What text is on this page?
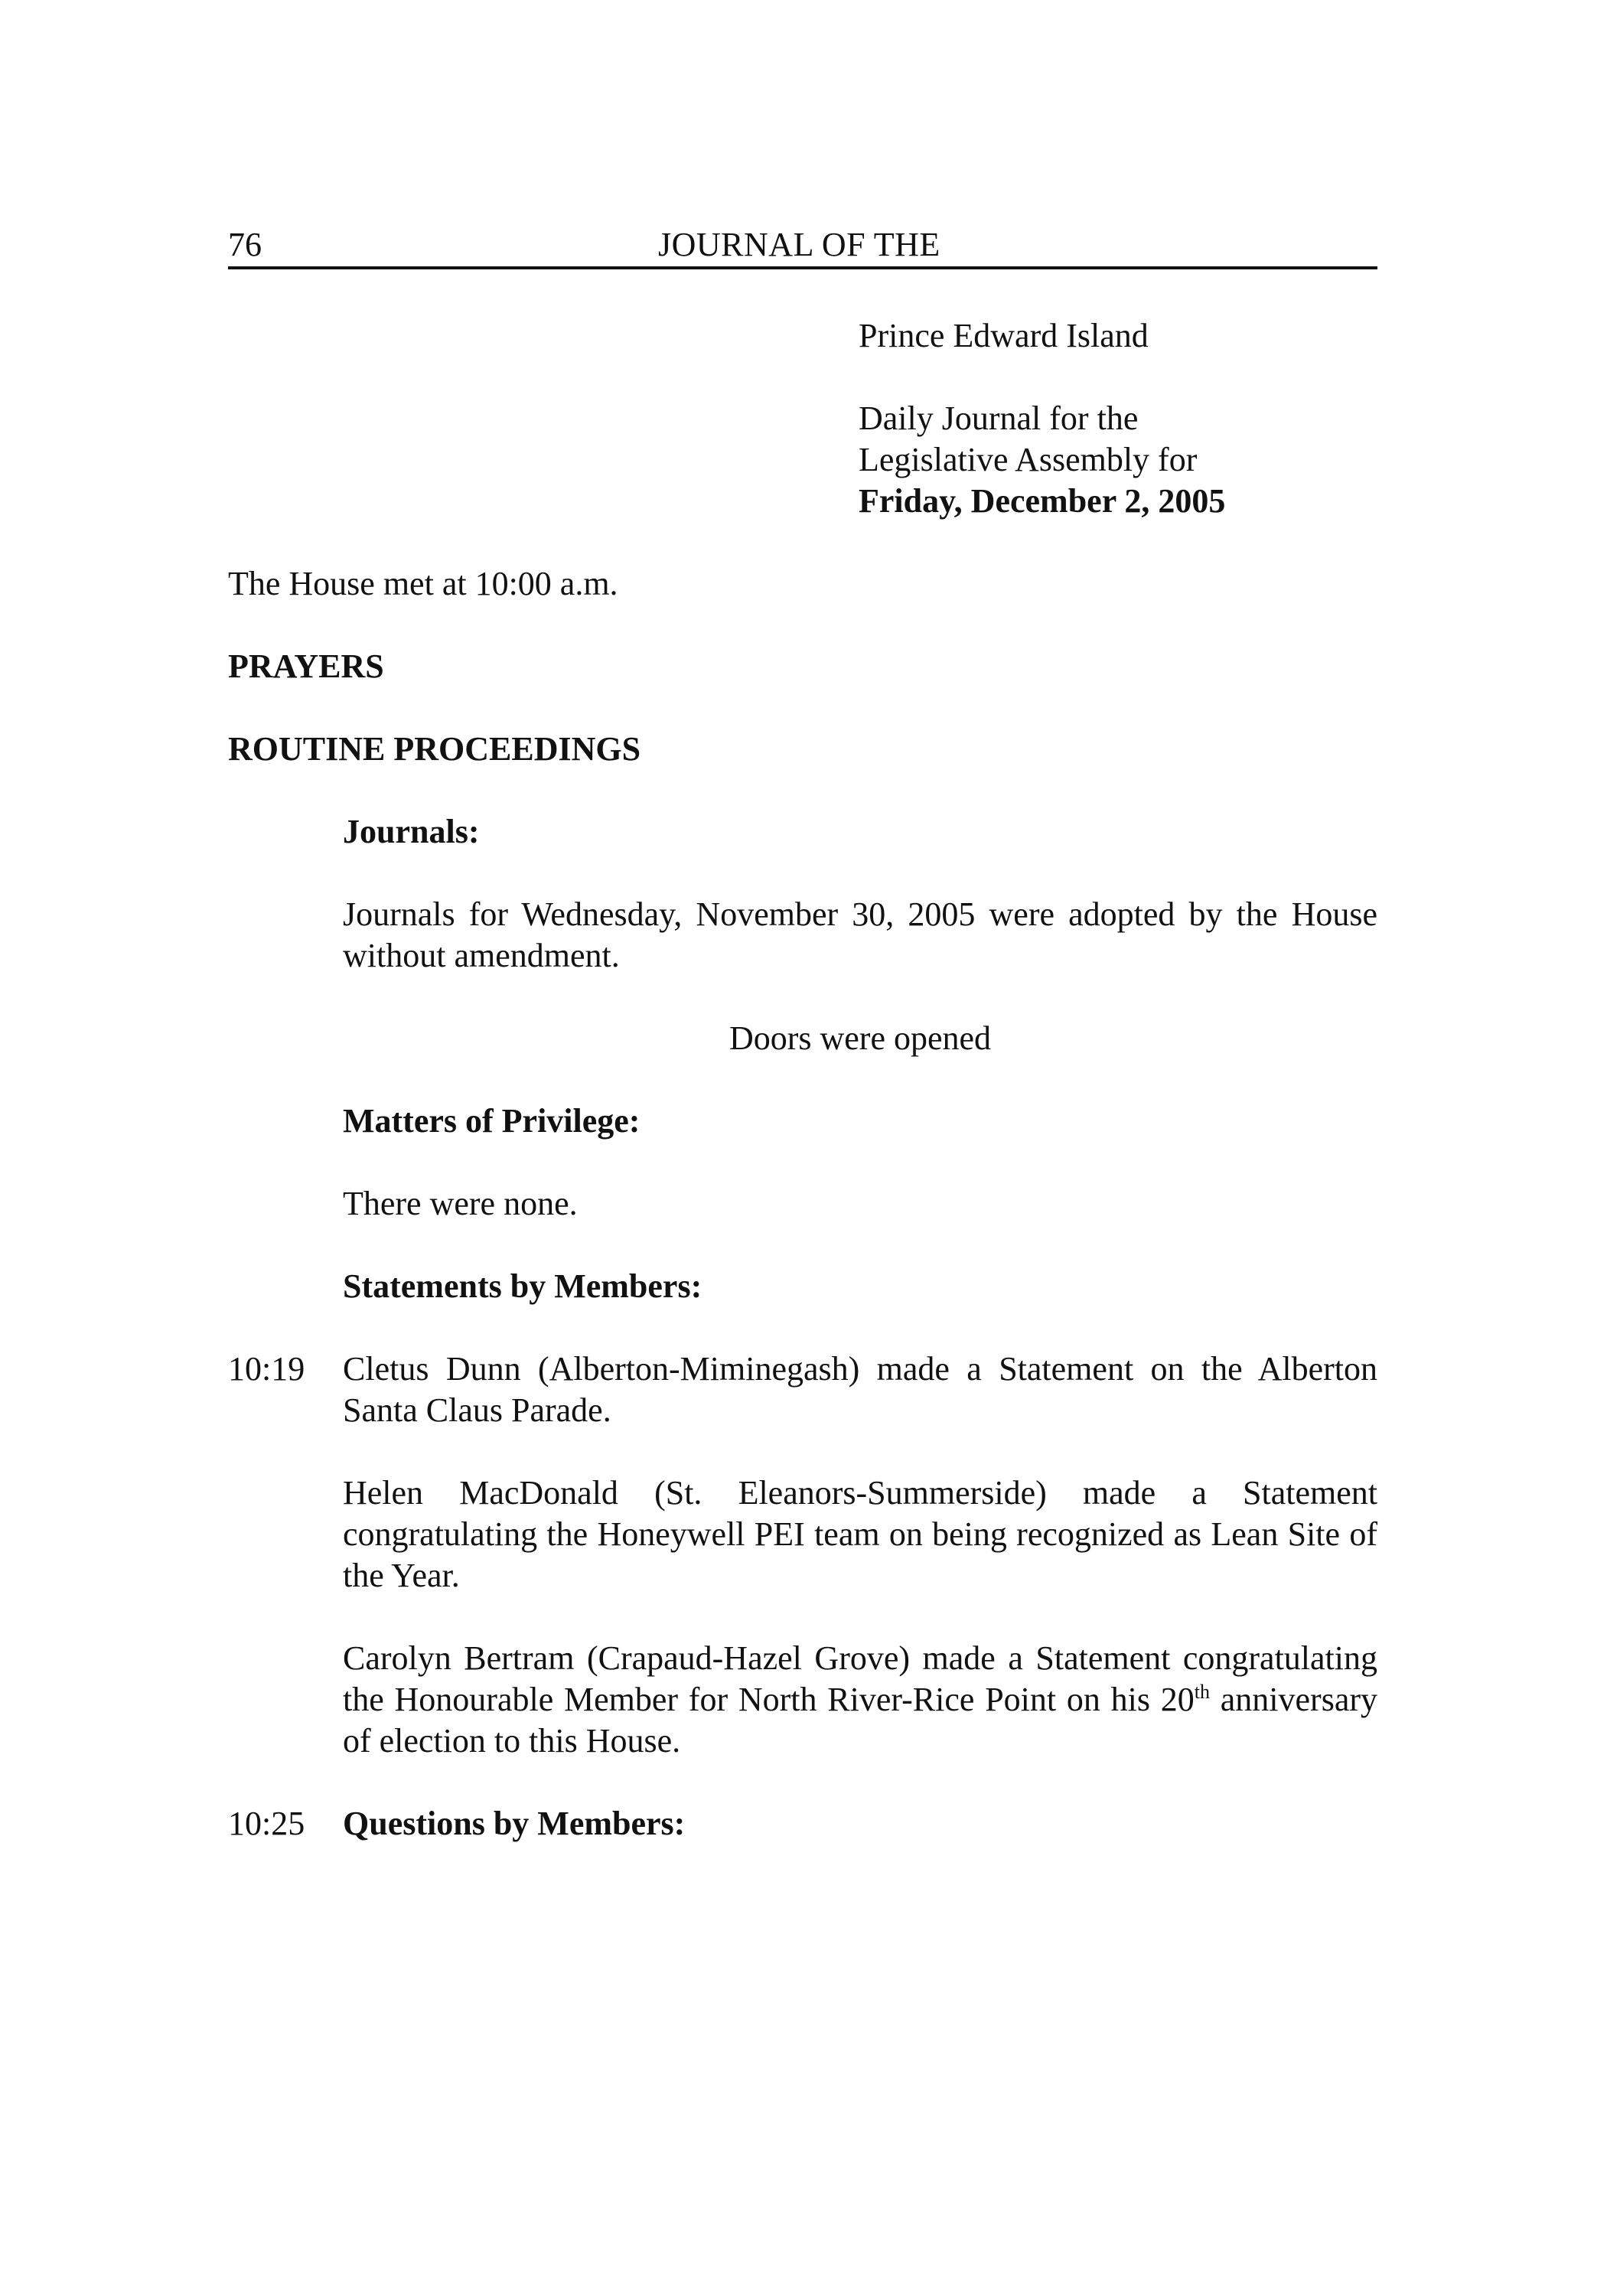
76	JOURNAL OF THE
Prince Edward Island
Daily Journal for the
Legislative Assembly for
Friday, December 2, 2005
The House met at 10:00 a.m.
PRAYERS
ROUTINE PROCEEDINGS
Journals:
Journals for Wednesday, November 30, 2005 were adopted by the House without amendment.
Doors were opened
Matters of Privilege:
There were none.
Statements by Members:
10:19 Cletus Dunn (Alberton-Miminegash) made a Statement on the Alberton Santa Claus Parade.
Helen MacDonald (St. Eleanors-Summerside) made a Statement congratulating the Honeywell PEI team on being recognized as Lean Site of the Year.
Carolyn Bertram (Crapaud-Hazel Grove) made a Statement congratulating the Honourable Member for North River-Rice Point on his 20th anniversary of election to this House.
10:25 Questions by Members:
